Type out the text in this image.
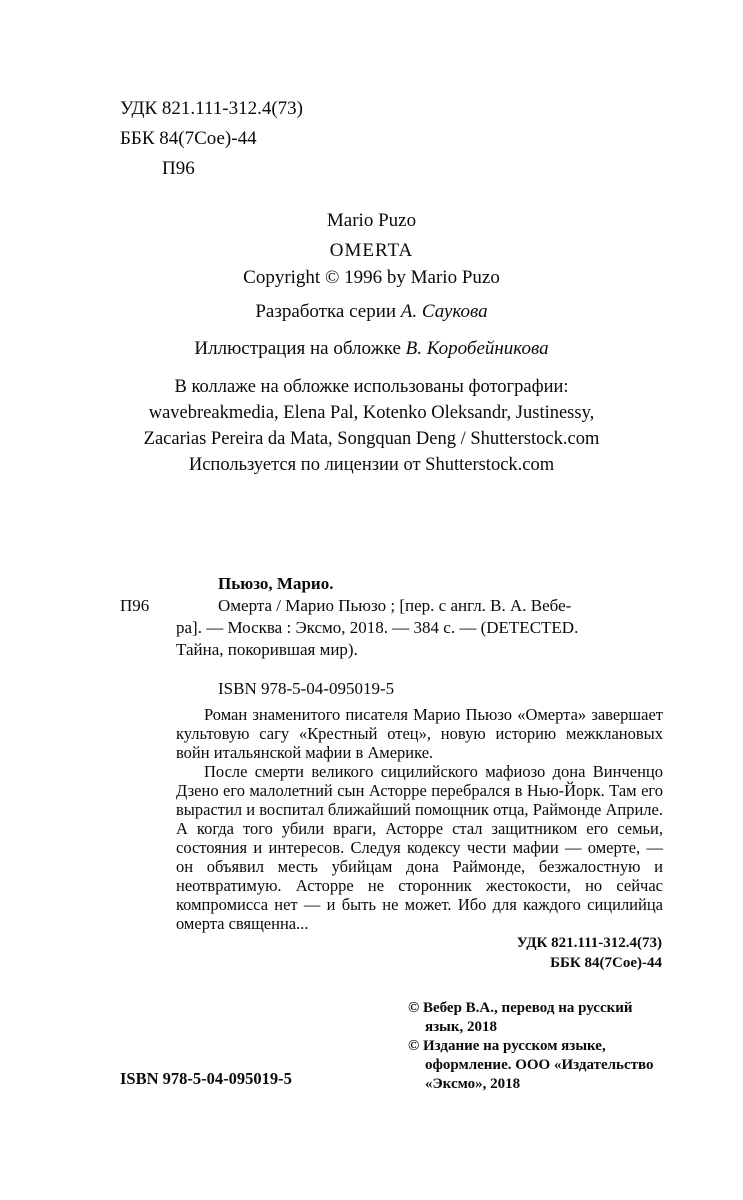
УДК 821.111-312.4(73)
ББК 84(7Сое)-44
П96
Mario Puzo
OMERTA
Copyright © 1996 by Mario Puzo
Разработка серии А. Саукова
Иллюстрация на обложке В. Коробейникова
В коллаже на обложке использованы фотографии:
wavebreakmedia, Elena Pal, Kotenko Oleksandr, Justinessy,
Zacarias Pereira da Mata, Songquan Deng / Shutterstock.com
Используется по лицензии от Shutterstock.com
Пьюзо, Марио.
П96	Омерта / Марио Пьюзо ; [пер. с англ. В. А. Вебе-
ра]. — Москва : Эксмо, 2018. — 384 с. — (DETECTED.
Тайна, покорившая мир).
ISBN 978-5-04-095019-5

Роман знаменитого писателя Марио Пьюзо «Омерта» завершает культовую сагу «Крестный отец», новую историю межклановых войн итальянской мафии в Америке.

После смерти великого сицилийского мафиозо дона Винченцо Дзено его малолетний сын Асторре перебрался в Нью-Йорк. Там его вырастил и воспитал ближайший помощник отца, Раймонде Априле. А когда того убили враги, Асторре стал защитником его семьи, состояния и интересов. Следуя кодексу чести мафии — омерте, — он объявил месть убийцам дона Раймонде, безжалостную и неотвратимую. Асторре не сторонник жестокости, но сейчас компромисса нет — и быть не может. Ибо для каждого сицилийца омерта священна...

УДК 821.111-312.4(73)
ББК 84(7Сое)-44
© Вебер В.А., перевод на русский язык, 2018
© Издание на русском языке, оформление. ООО «Издательство «Эксмо», 2018
ISBN 978-5-04-095019-5
